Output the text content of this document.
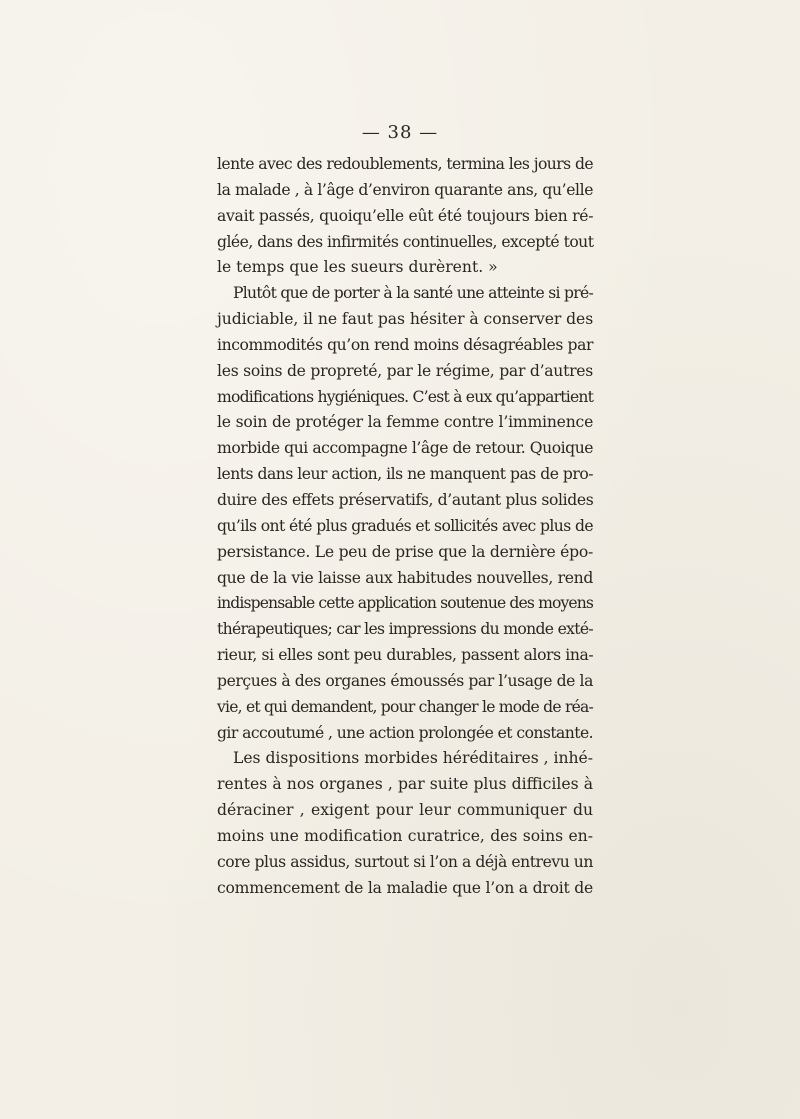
— 38 —
lente avec des redoublements, termina les jours de
la malade , à l’âge d’environ quarante ans, qu’elle
avait passés, quoiqu’elle eût été toujours bien ré-
glée, dans des infirmités continuelles, excepté tout
le temps que les sueurs durèrent. »
Plutôt que de porter à la santé une atteinte si pré-
judiciable, il ne faut pas hésiter à conserver des
incommodités qu’on rend moins désagréables par
les soins de propreté, par le régime, par d’autres
modifications hygiéniques. C’est à eux qu’appartient
le soin de protéger la femme contre l’imminence
morbide qui accompagne l’âge de retour. Quoique
lents dans leur action, ils ne manquent pas de pro-
duire des effets préservatifs, d’autant plus solides
qu’ils ont été plus gradués et sollicités avec plus de
persistance. Le peu de prise que la dernière épo-
que de la vie laisse aux habitudes nouvelles, rend
indispensable cette application soutenue des moyens
thérapeutiques; car les impressions du monde exté-
rieur, si elles sont peu durables, passent alors ina-
perçues à des organes émoussés par l’usage de la
vie, et qui demandent, pour changer le mode de réa-
gir accoutumé , une action prolongée et constante.
Les dispositions morbides héréditaires , inhé-
rentes à nos organes , par suite plus difficiles à
déraciner , exigent pour leur communiquer du
moins une modification curatrice, des soins en-
core plus assidus, surtout si l’on a déjà entrevu un
commencement de la maladie que l’on a droit de
